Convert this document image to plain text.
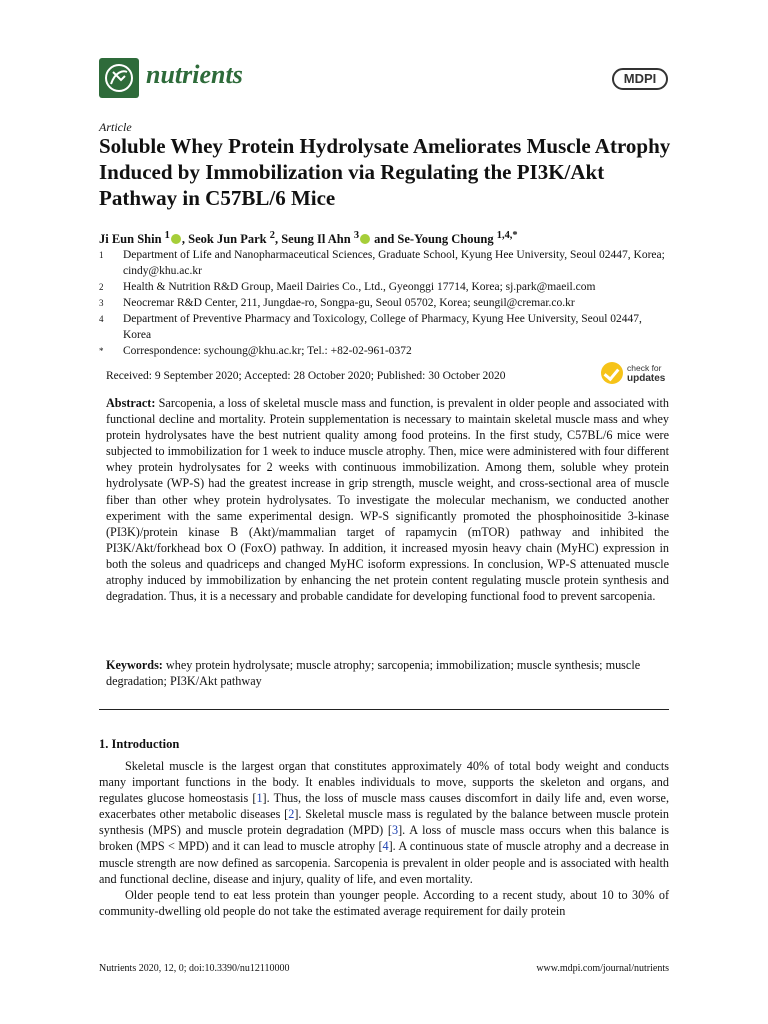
nutrients	MDPI
Article
Soluble Whey Protein Hydrolysate Ameliorates Muscle Atrophy Induced by Immobilization via Regulating the PI3K/Akt Pathway in C57BL/6 Mice
Ji Eun Shin $^1$ , Seok Jun Park $^2$, Seung Il Ahn $^3$ and Se-Young Choung $^{1,4,*}$
1	Department of Life and Nanopharmaceutical Sciences, Graduate School, Kyung Hee University, Seoul 02447, Korea; cindy@khu.ac.kr
2	Health & Nutrition R&D Group, Maeil Dairies Co., Ltd., Gyeonggi 17714, Korea; sj.park@maeil.com
3	Neocremar R&D Center, 211, Jungdae-ro, Songpa-gu, Seoul 05702, Korea; seungil@cremar.co.kr
4	Department of Preventive Pharmacy and Toxicology, College of Pharmacy, Kyung Hee University, Seoul 02447, Korea
*	Correspondence: sychoung@khu.ac.kr; Tel.: +82-02-961-0372
Received: 9 September 2020; Accepted: 28 October 2020; Published: 30 October 2020
check for
updates
Abstract: Sarcopenia, a loss of skeletal muscle mass and function, is prevalent in older people and associated with functional decline and mortality. Protein supplementation is necessary to maintain skeletal muscle mass and whey protein hydrolysates have the best nutrient quality among food proteins. In the first study, C57BL/6 mice were subjected to immobilization for 1 week to induce muscle atrophy. Then, mice were administered with four different whey protein hydrolysates for 2 weeks with continuous immobilization. Among them, soluble whey protein hydrolysate (WP-S) had the greatest increase in grip strength, muscle weight, and cross-sectional area of muscle fiber than other whey protein hydrolysates. To investigate the molecular mechanism, we conducted another experiment with the same experimental design. WP-S significantly promoted the phosphoinositide 3-kinase (PI3K)/protein kinase B (Akt)/mammalian target of rapamycin (mTOR) pathway and inhibited the PI3K/Akt/forkhead box O (FoxO) pathway. In addition, it increased myosin heavy chain (MyHC) expression in both the soleus and quadriceps and changed MyHC isoform expressions. In conclusion, WP-S attenuated muscle atrophy induced by immobilization by enhancing the net protein content regulating muscle protein synthesis and degradation. Thus, it is a necessary and probable candidate for developing functional food to prevent sarcopenia.
Keywords: whey protein hydrolysate; muscle atrophy; sarcopenia; immobilization; muscle synthesis; muscle degradation; PI3K/Akt pathway
1. Introduction

Skeletal muscle is the largest organ that constitutes approximately 40% of total body weight and conducts many important functions in the body. It enables individuals to move, supports the skeleton and organs, and regulates glucose homeostasis [1]. Thus, the loss of muscle mass causes discomfort in daily life and, even worse, exacerbates other metabolic diseases [2]. Skeletal muscle mass is regulated by the balance between muscle protein synthesis (MPS) and muscle protein degradation (MPD) [3]. A loss of muscle mass occurs when this balance is broken (MPS < MPD) and it can lead to muscle atrophy [4]. A continuous state of muscle atrophy and a decrease in muscle strength are now defined as sarcopenia. Sarcopenia is prevalent in older people and is associated with health and functional decline, disease and injury, quality of life, and even mortality.

Older people tend to eat less protein than younger people. According to a recent study, about 10 to 30% of community-dwelling old people do not take the estimated average requirement for daily protein

Nutrients 2020, 12, 0; doi:10.3390/nu12110000	www.mdpi.com/journal/nutrients
